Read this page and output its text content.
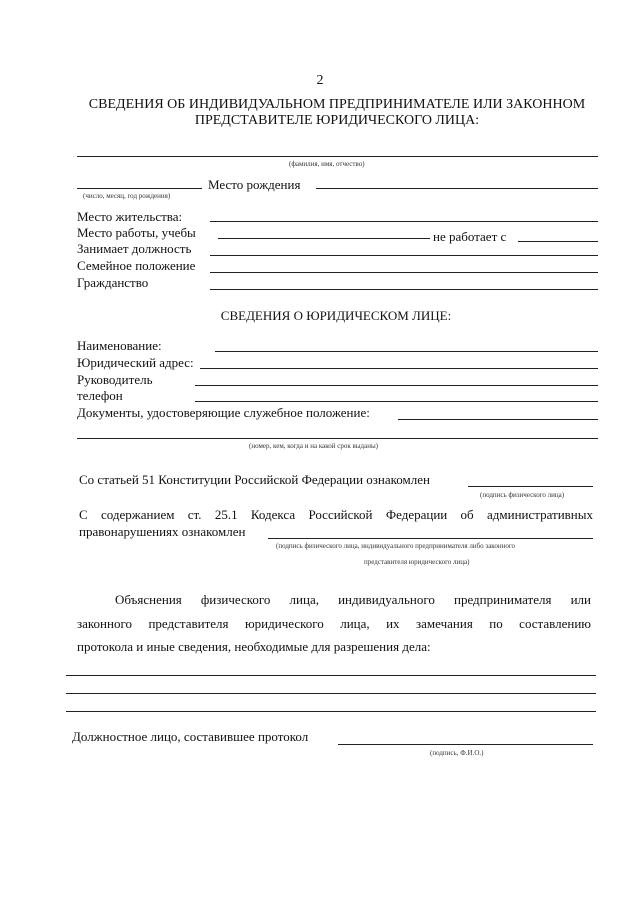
2
СВЕДЕНИЯ ОБ ИНДИВИДУАЛЬНОМ ПРЕДПРИНИМАТЕЛЕ ИЛИ ЗАКОННОМ
ПРЕДСТАВИТЕЛЕ ЮРИДИЧЕСКОГО ЛИЦА:
(фамилия, имя, отчество)
Место рождения
(число, месяц, год рождения)
Место жительства:
Место работы, учебы	не работает с
Занимает должность
Семейное положение
Гражданство
СВЕДЕНИЯ О ЮРИДИЧЕСКОМ ЛИЦЕ:
Наименование:
Юридический адрес:
Руководитель
телефон
Документы, удостоверяющие служебное положение:
(номер, кем, когда и на какой срок выданы)
Со статьей 51 Конституции Российской Федерации ознакомлен
(подпись физического лица)
С содержанием ст. 25.1 Кодекса Российской Федерации об административных
правонарушениях ознакомлен
(подпись физического лица, индивидуального предпринимателя либо законного
представителя юридического лица)
Объяснения физического лица, индивидуального предпринимателя или
законного представителя юридического лица, их замечания по составлению
протокола и иные сведения, необходимые для разрешения дела:
Должностное лицо, составившее протокол
(подпись, Ф.И.О.)
